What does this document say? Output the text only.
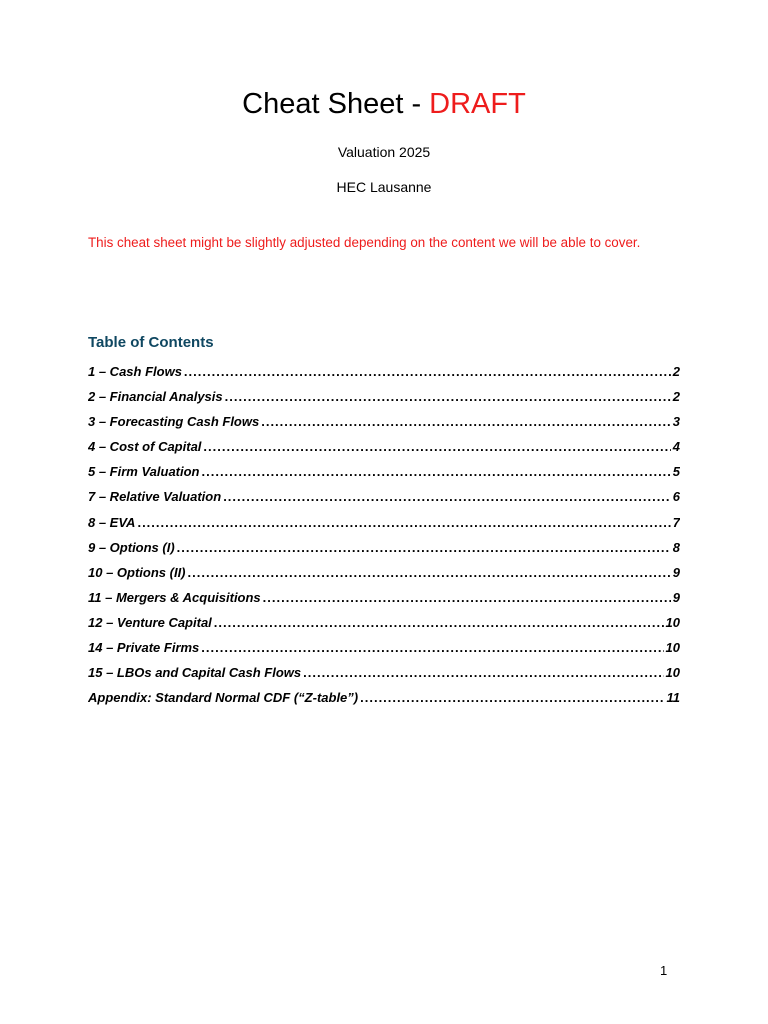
Cheat Sheet - DRAFT
Valuation 2025
HEC Lausanne
This cheat sheet might be slightly adjusted depending on the content we will be able to cover.
Table of Contents
1 – Cash Flows .....	2
2 – Financial Analysis .....	2
3 – Forecasting Cash Flows .....	3
4 – Cost of Capital .....	4
5 – Firm Valuation .....	5
7 – Relative Valuation .....	6
8 – EVA .....	7
9 – Options (I) .....	8
10 – Options (II) .....	9
11 – Mergers & Acquisitions .....	9
12 – Venture Capital .....	10
14 – Private Firms .....	10
15 – LBOs and Capital Cash Flows .....	10
Appendix: Standard Normal CDF (“Z-table”) .....	11
1
